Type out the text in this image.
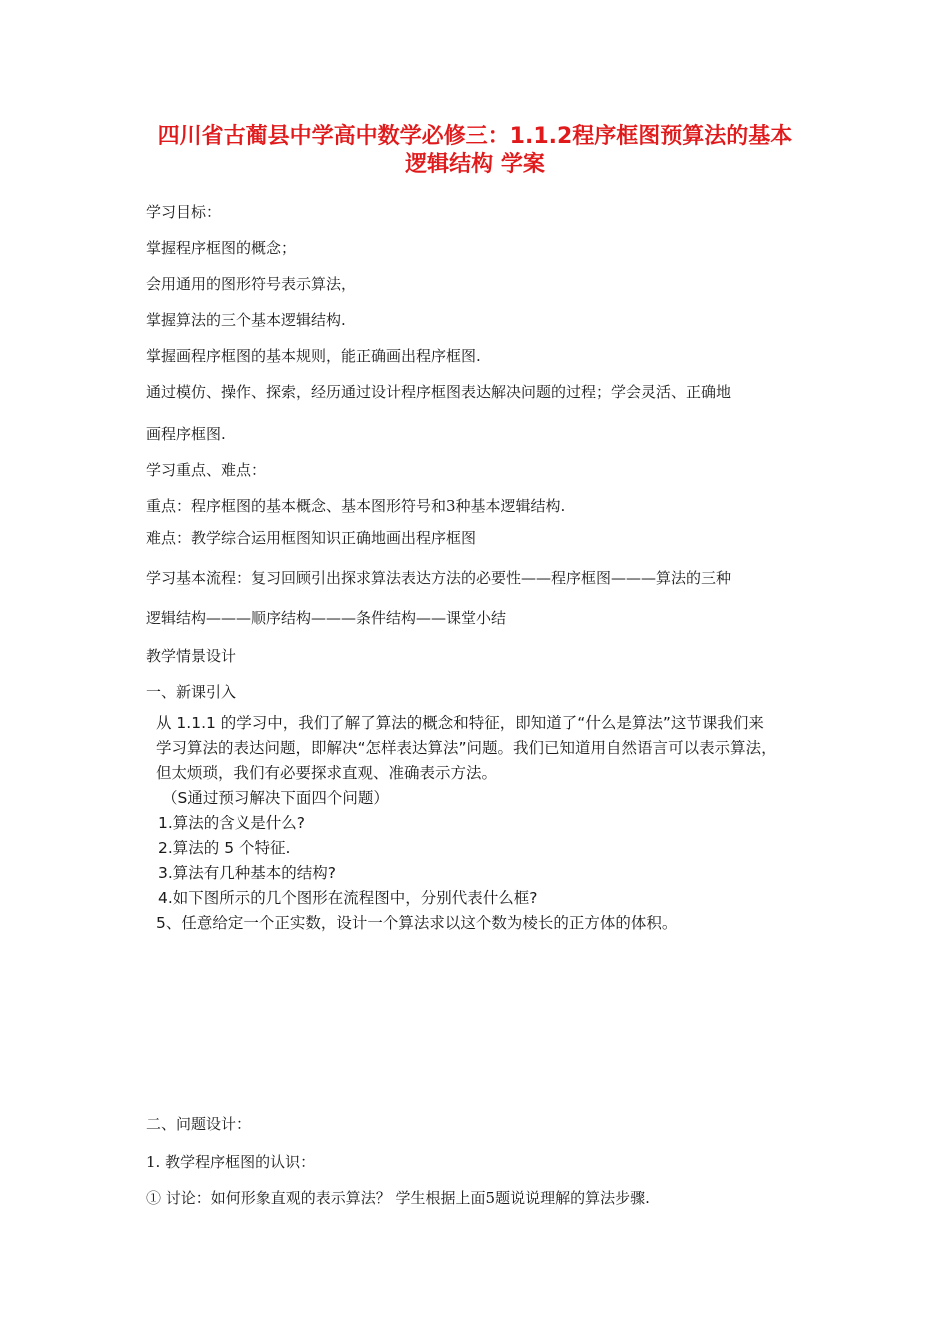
四川省古蔺县中学高中数学必修三：1.1.2程序框图预算法的基本
逻辑结构 学案
学习目标：
掌握程序框图的概念；
会用通用的图形符号表示算法，
掌握算法的三个基本逻辑结构.
掌握画程序框图的基本规则，能正确画出程序框图.
通过模仿、操作、探索，经历通过设计程序框图表达解决问题的过程；学会灵活、正确地
画程序框图.
学习重点、难点：
重点：程序框图的基本概念、基本图形符号和3种基本逻辑结构.
难点：教学综合运用框图知识正确地画出程序框图
学习基本流程：复习回顾引出探求算法表达方法的必要性——程序框图———算法的三种
逻辑结构———顺序结构———条件结构——课堂小结
教学情景设计
一、新课引入
从 1.1.1 的学习中，我们了解了算法的概念和特征，即知道了“什么是算法”这节课我们来
学习算法的表达问题，即解决“怎样表达算法”问题。我们已知道用自然语言可以表示算法，
但太烦琐，我们有必要探求直观、准确表示方法。
（S通过预习解决下面四个问题）
1.算法的含义是什么?
2.算法的 5 个特征.
3.算法有几种基本的结构?
4.如下图所示的几个图形在流程图中，分别代表什么框?
5、任意给定一个正实数，设计一个算法求以这个数为棱长的正方体的体积。
二、问题设计：
1. 教学程序框图的认识：
① 讨论：如何形象直观的表示算法？ 学生根据上面5题说说理解的算法步骤.
